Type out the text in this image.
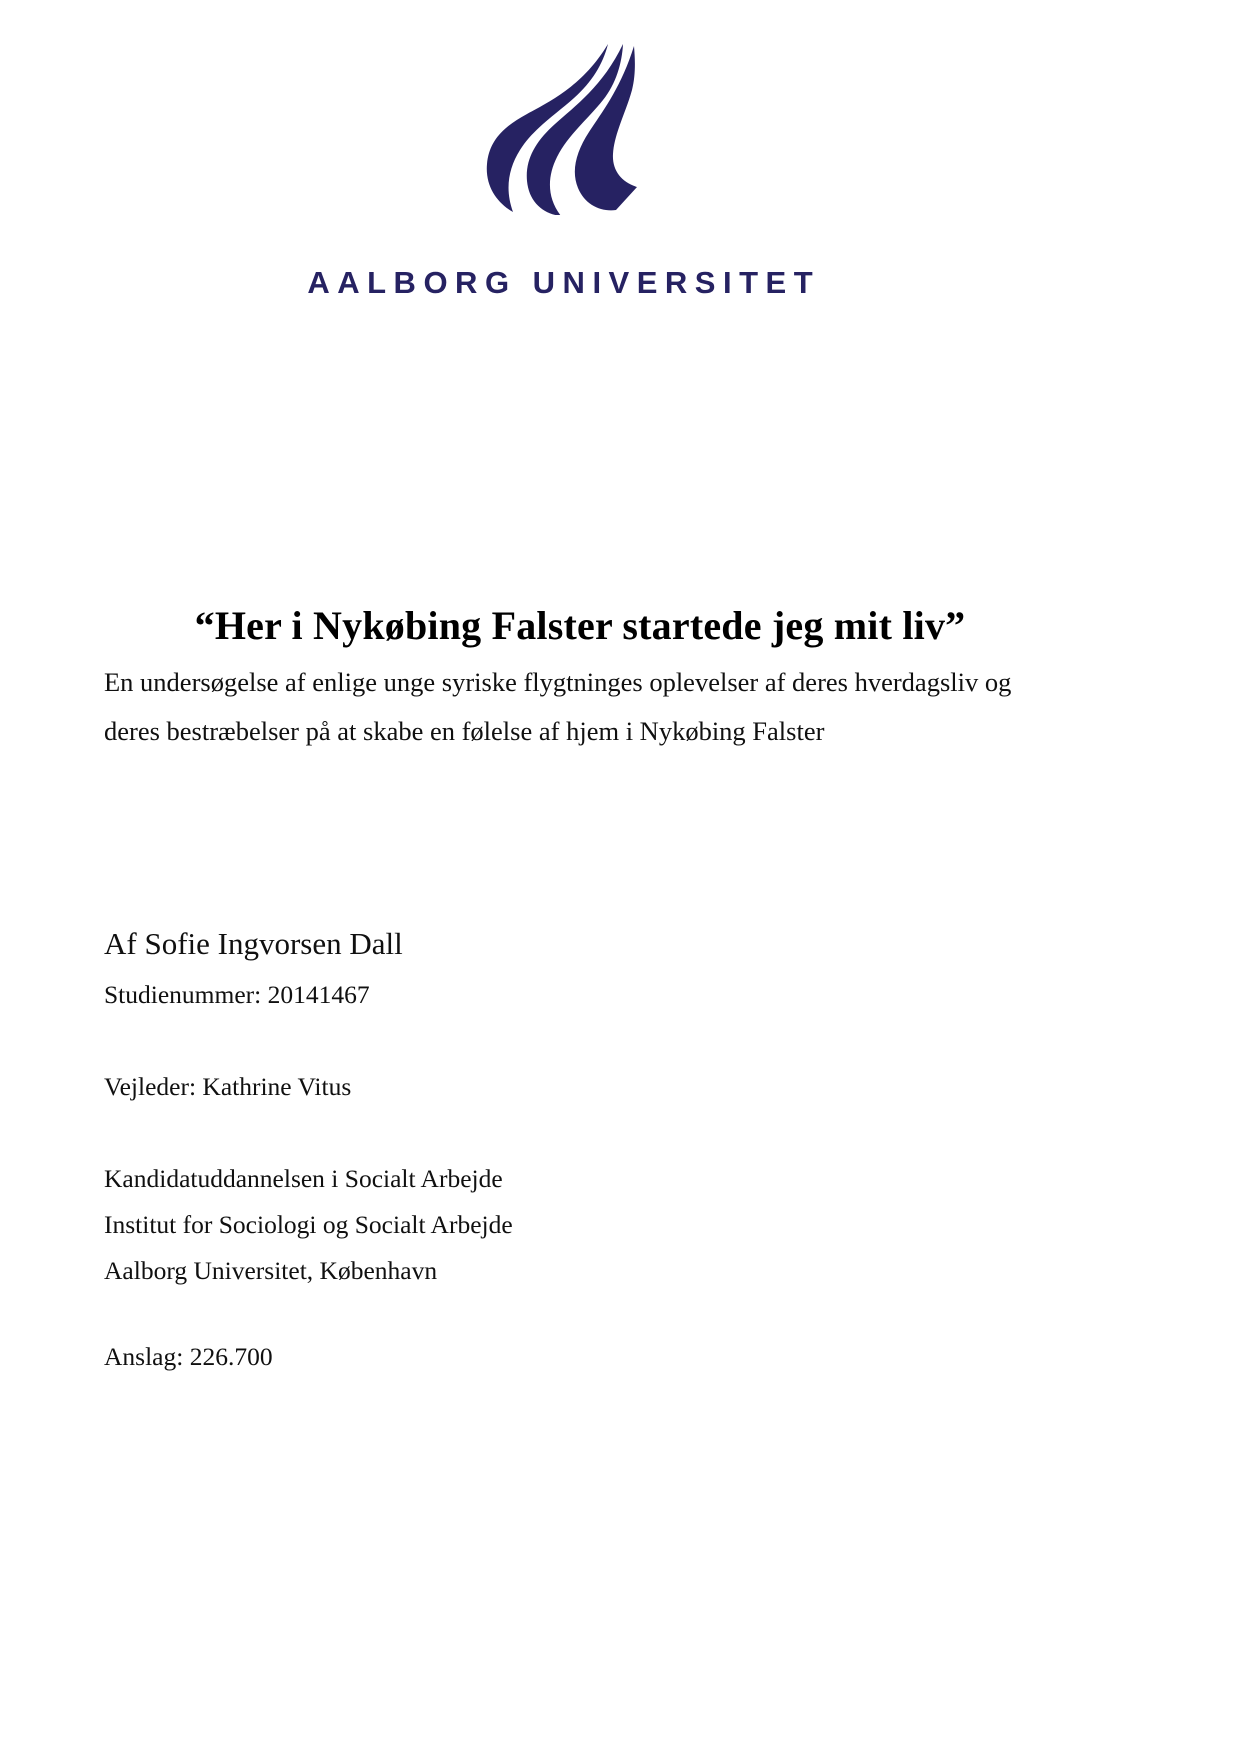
AALBORG UNIVERSITET
“Her i Nykøbing Falster startede jeg mit liv”
En undersøgelse af enlige unge syriske flygtninges oplevelser af deres hverdagsliv og
deres bestræbelser på at skabe en følelse af hjem i Nykøbing Falster

Af Sofie Ingvorsen Dall

Studienummer: 20141467

Vejleder: Kathrine Vitus

Kandidatuddannelsen i Socialt Arbejde

Institut for Sociologi og Socialt Arbejde

Aalborg Universitet, København

Anslag: 226.700
